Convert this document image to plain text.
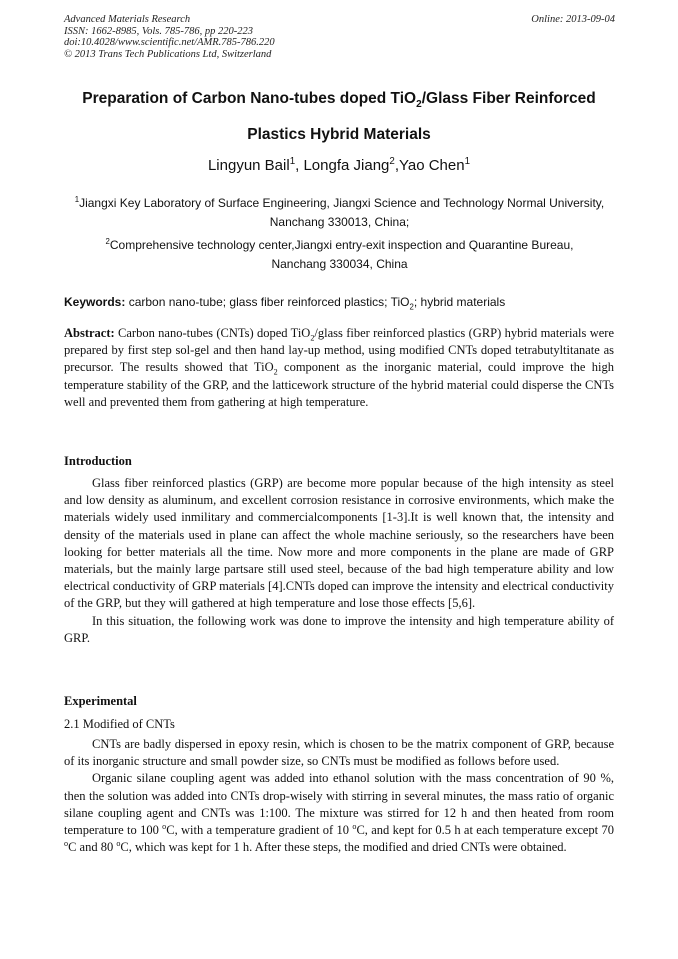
Advanced Materials Research
ISSN: 1662-8985, Vols. 785-786, pp 220-223
doi:10.4028/www.scientific.net/AMR.785-786.220
© 2013 Trans Tech Publications Ltd, Switzerland
Online: 2013-09-04
Preparation of Carbon Nano-tubes doped TiO$_2$/Glass Fiber Reinforced
Plastics Hybrid Materials
Lingyun Bail$^1$, Longfa Jiang$^2$,Yao Chen$^1$
$^1$Jiangxi Key Laboratory of Surface Engineering, Jiangxi Science and Technology Normal University,
Nanchang 330013, China;
$^2$Comprehensive technology center,Jiangxi entry-exit inspection and Quarantine Bureau,
Nanchang 330034, China
Keywords: carbon nano-tube; glass fiber reinforced plastics; TiO$_2$; hybrid materials
Abstract: Carbon nano-tubes (CNTs) doped TiO$_2$/glass fiber reinforced plastics (GRP) hybrid materials were prepared by first step sol-gel and then hand lay-up method, using modified CNTs doped tetrabutyltitanate as precursor. The results showed that TiO$_2$ component as the inorganic material, could improve the high temperature stability of the GRP, and the latticework structure of the hybrid material could disperse the CNTs well and prevented them from gathering at high temperature.
Introduction

Glass fiber reinforced plastics (GRP) are become more popular because of the high intensity as steel and low density as aluminum, and excellent corrosion resistance in corrosive environments, which make the materials widely used inmilitary and commercialcomponents [1-3].It is well known that, the intensity and density of the materials used in plane can affect the whole machine seriously, so the researchers have been looking for better materials all the time. Now more and more components in the plane are made of GRP materials, but the mainly large partsare still used steel, because of the bad high temperature ability and low electrical conductivity of GRP materials [4].CNTs doped can improve the intensity and electrical conductivity of the GRP, but they will gathered at high temperature and lose those effects [5,6].

In this situation, the following work was done to improve the intensity and high temperature ability of GRP.

Experimental
2.1 Modified of CNTs

CNTs are badly dispersed in epoxy resin, which is chosen to be the matrix component of GRP, because of its inorganic structure and small powder size, so CNTs must be modified as follows before used.

Organic silane coupling agent was added into ethanol solution with the mass concentration of 90 %, then the solution was added into CNTs drop-wisely with stirring in several minutes, the mass ratio of organic silane coupling agent and CNTs was 1:100. The mixture was stirred for 12 h and then heated from room temperature to 100 $^o$C, with a temperature gradient of 10 $^o$C, and kept for 0.5 h at each temperature except 70 $^o$C and 80 $^o$C, which was kept for 1 h. After these steps, the modified and dried CNTs were obtained.
